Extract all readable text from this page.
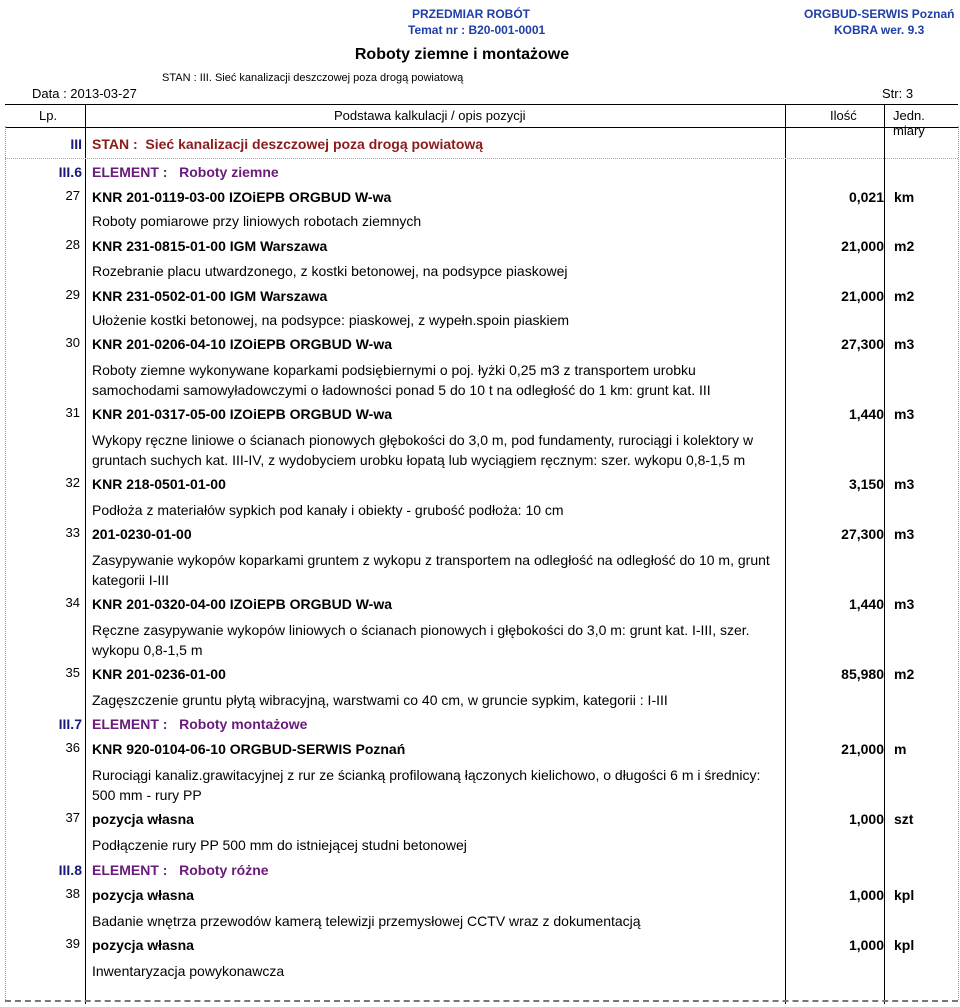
PRZEDMIAR ROBÓT
Temat nr : B20-001-0001
ORGBUD-SERWIS Poznań
KOBRA wer. 9.3
Roboty ziemne i montażowe
STAN : III. Sieć kanalizacji deszczowej poza drogą powiatową
Data : 2013-03-27	Str: 3
Lp.	Podstawa kalkulacji / opis pozycji	Ilość	Jedn. miary
III STAN : Sieć kanalizacji deszczowej poza drogą powiatową
III.6 ELEMENT : Roboty ziemne
27 KNR 201-0119-03-00 IZOiEPB ORGBUD W-wa	0,021 km
Roboty pomiarowe przy liniowych robotach ziemnych
28 KNR 231-0815-01-00 IGM Warszawa	21,000 m2
Rozebranie placu utwardzonego, z kostki betonowej, na podsypce piaskowej
29 KNR 231-0502-01-00 IGM Warszawa	21,000 m2
Ułożenie kostki betonowej, na podsypce: piaskowej, z wypełn.spoin piaskiem
30 KNR 201-0206-04-10 IZOiEPB ORGBUD W-wa	27,300 m3
Roboty ziemne wykonywane koparkami podsiębiernymi o poj. łyżki 0,25 m3 z transportem urobku samochodami samowyładowczymi o ładowności ponad 5 do 10 t na odległość do 1 km: grunt kat. III
31 KNR 201-0317-05-00 IZOiEPB ORGBUD W-wa	1,440 m3
Wykopy ręczne liniowe o ścianach pionowych głębokości do 3,0 m, pod fundamenty, rurociągi i kolektory w gruntach suchych kat. III-IV, z wydobyciem urobku łopatą lub wyciągiem ręcznym: szer. wykopu 0,8-1,5 m
32 KNR 218-0501-01-00	3,150 m3
Podłoża z materiałów sypkich pod kanały i obiekty - grubość podłoża: 10 cm
33 201-0230-01-00	27,300 m3
Zasypywanie wykopów koparkami gruntem z wykopu z transportem na odległość na odległość do 10 m, grunt kategorii I-III
34 KNR 201-0320-04-00 IZOiEPB ORGBUD W-wa	1,440 m3
Ręczne zasypywanie wykopów liniowych o ścianach pionowych i głębokości do 3,0 m: grunt kat. I-III, szer. wykopu 0,8-1,5 m
35 KNR 201-0236-01-00	85,980 m2
Zagęszczenie gruntu płytą wibracyjną, warstwami co 40 cm, w gruncie sypkim, kategorii : I-III
III.7 ELEMENT : Roboty montażowe
36 KNR 920-0104-06-10 ORGBUD-SERWIS Poznań	21,000 m
Rurociągi kanaliz.grawitacyjnej z rur ze ścianką profilowaną łączonych kielichowo, o długości 6 m i średnicy: 500 mm - rury PP
37 pozycja własna	1,000 szt
Podłączenie rury PP 500 mm do istniejącej studni betonowej
III.8 ELEMENT : Roboty różne
38 pozycja własna	1,000 kpl
Badanie wnętrza przewodów kamerą telewizji przemysłowej CCTV wraz z dokumentacją
39 pozycja własna	1,000 kpl
Inwentaryzacja powykonawcza
